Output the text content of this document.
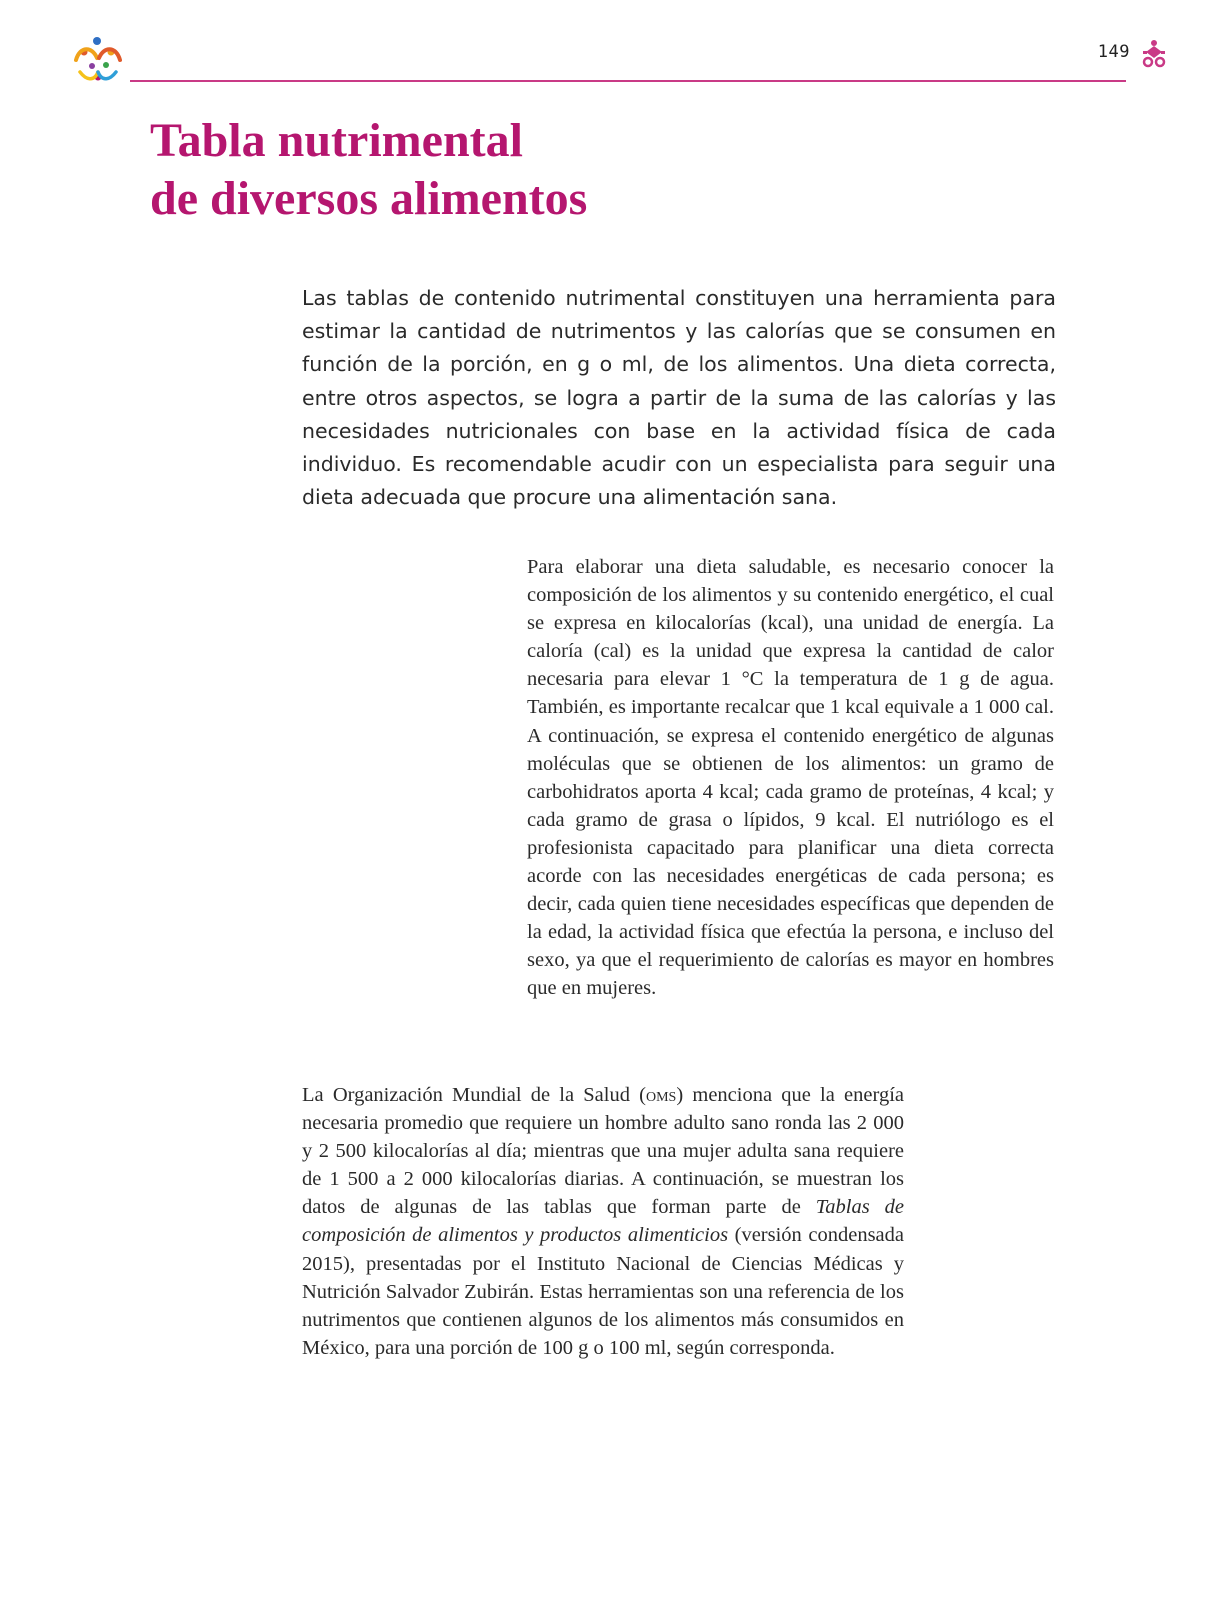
149
Tabla nutrimental
de diversos alimentos

Las tablas de contenido nutrimental constituyen una herramienta para estimar la cantidad de nutrimentos y las calorías que se consumen en función de la porción, en g o ml, de los alimentos. Una dieta correcta, entre otros aspectos, se logra a partir de la suma de las calorías y las necesidades nutricionales con base en la actividad física de cada individuo. Es recomendable acudir con un especialista para seguir una dieta adecuada que procure una alimentación sana.

Para elaborar una dieta saludable, es necesario conocer la composición de los alimentos y su contenido energético, el cual se expresa en kilocalorías (kcal), una unidad de energía. La caloría (cal) es la unidad que expresa la cantidad de calor necesaria para elevar 1 °C la temperatura de 1 g de agua. También, es importante recalcar que 1 kcal equivale a 1 000 cal. A continuación, se expresa el contenido energético de algunas moléculas que se obtienen de los alimentos: un gramo de carbohidratos aporta 4 kcal; cada gramo de proteínas, 4 kcal; y cada gramo de grasa o lípidos, 9 kcal. El nutriólogo es el profesionista capacitado para planificar una dieta correcta acorde con las necesidades energéticas de cada persona; es decir, cada quien tiene necesidades específicas que dependen de la edad, la actividad física que efectúa la persona, e incluso del sexo, ya que el requerimiento de calorías es mayor en hombres que en mujeres.

La Organización Mundial de la Salud (oms) menciona que la energía necesaria promedio que requiere un hombre adulto sano ronda las 2 000 y 2 500 kilocalorías al día; mientras que una mujer adulta sana requiere de 1 500 a 2 000 kilocalorías diarias. A continuación, se muestran los datos de algunas de las tablas que forman parte de Tablas de composición de alimentos y productos alimenticios (versión condensada 2015), presentadas por el Instituto Nacional de Ciencias Médicas y Nutrición Salvador Zubirán. Estas herramientas son una referencia de los nutrimentos que contienen algunos de los alimentos más consumidos en México, para una porción de 100 g o 100 ml, según corresponda.
